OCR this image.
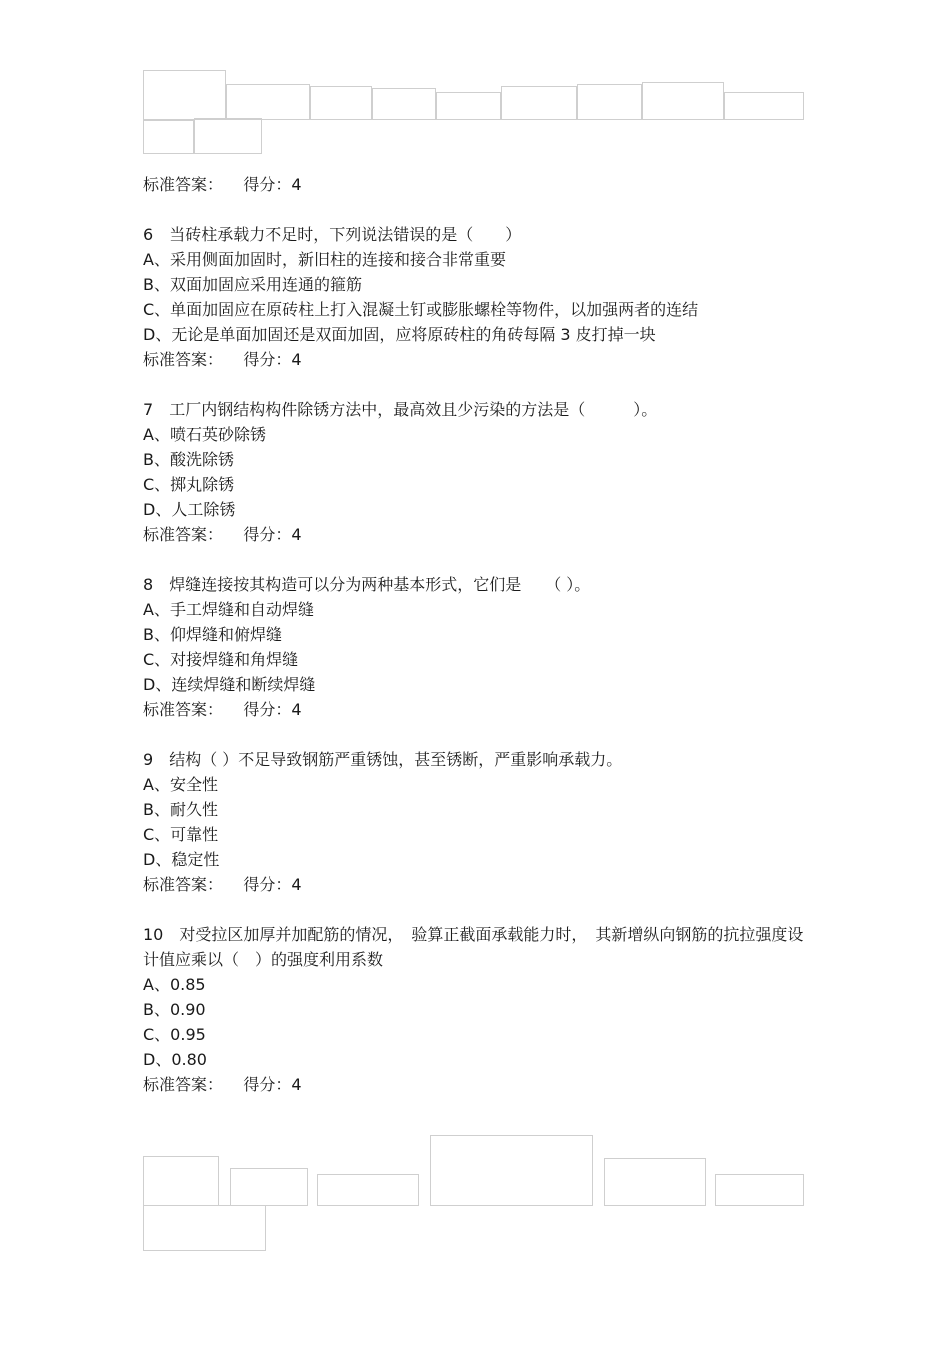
标准答案： 得分：4
6　 当砖柱承载力不足时，下列说法错误的是（　　）
A、采用侧面加固时，新旧柱的连接和接合非常重要
B、双面加固应采用连通的箍筋
C、单面加固应在原砖柱上打入混凝土钉或膨胀螺栓等物件，以加强两者的连结
D、无论是单面加固还是双面加固，应将原砖柱的角砖每隔 3 皮打掉一块
标准答案： 得分：4
7　 工厂内钢结构构件除锈方法中，最高效且少污染的方法是（　　　）。
A、喷石英砂除锈
B、酸洗除锈
C、掷丸除锈
D、人工除锈
标准答案： 得分：4
8　 焊缝连接按其构造可以分为两种基本形式，它们是　　（ ）。
A、手工焊缝和自动焊缝
B、仰焊缝和俯焊缝
C、对接焊缝和角焊缝
D、连续焊缝和断续焊缝
标准答案： 得分：4
9　 结构（ ）不足导致钢筋严重锈蚀，甚至锈断，严重影响承载力。
A、安全性
B、耐久性
C、可靠性
D、稳定性
标准答案： 得分：4
10　 对受拉区加厚并加配筋的情况，　验算正截面承载能力时，　其新增纵向钢筋的抗拉强度设计值应乘以（　）的强度利用系数
A、0.85
B、0.90
C、0.95
D、0.80
标准答案： 得分：4
